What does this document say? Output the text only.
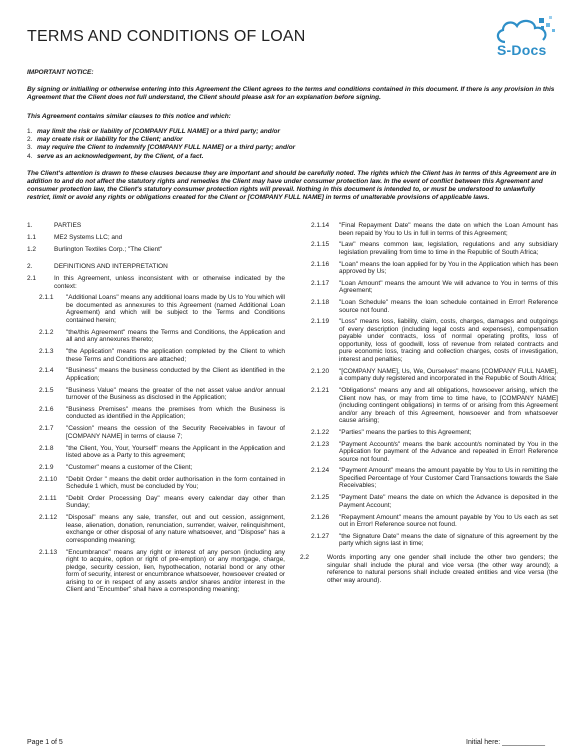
TERMS AND CONDITIONS OF LOAN
S-Docs
IMPORTANT NOTICE:
By signing or initialling or otherwise entering into this Agreement the Client agrees to the terms and conditions contained in this document. If there is any provision in this Agreement that the Client does not full understand, the Client should please ask for an explanation before signing.
This Agreement contains similar clauses to this notice and which:
1. may limit the risk or liability of [COMPANY FULL NAME] or a third party; and/or
2. may create risk or liability for the Client; and/or
3. may require the Client to indemnify [COMPANY FULL NAME] or a third party; and/or
4. serve as an acknowledgement, by the Client, of a fact.
The Client's attention is drawn to these clauses because they are important and should be carefully noted. The rights which the Client has in terms of this Agreement are in addition to and do not affect the statutory rights and remedies the Client may have under consumer protection law. In the event of conflict between this Agreement and consumer protection law, the Client's statutory consumer protection rights will prevail. Nothing in this document is intended to, or must be understood to unlawfully restrict, limit or avoid any rights or obligations created for the Client or [COMPANY FULL NAME] in terms of unalterable provisions of applicable laws.
1.	PARTIES
1.1	ME2 Systems LLC; and
1.2	Burlington Textiles Corp.; "The Client"
2.	DEFINITIONS AND INTERPRETATION
2.1	In this Agreement, unless inconsistent with or otherwise indicated by the context:
2.1.1	"Additional Loans" means any additional loans made by Us to You which will be documented as annexures to this Agreement (named Additional Loan Agreement) and which will be subject to the Terms and Conditions contained herein;
2.1.2	"the/this Agreement" means the Terms and Conditions, the Application and all and any annexures thereto;
2.1.3	"the Application" means the application completed by the Client to which these Terms and Conditions are attached;
2.1.4	"Business" means the business conducted by the Client as identified in the Application;
2.1.5	"Business Value" means the greater of the net asset value and/or annual turnover of the Business as disclosed in the Application;
2.1.6	"Business Premises" means the premises from which the Business is conducted as identified in the Application;
2.1.7	"Cession" means the cession of the Security Receivables in favour of [COMPANY NAME] in terms of clause 7;
2.1.8	"the Client, You, Your, Yourself" means the Applicant in the Application and listed above as a Party to this agreement;
2.1.9	"Customer" means a customer of the Client;
2.1.10	"Debit Order " means the debit order authorisation in the form contained in Schedule 1 which, must be concluded by You;
2.1.11	"Debit Order Processing Day" means every calendar day other than Sunday;
2.1.12	"Disposal" means any sale, transfer, out and out cession, assignment, lease, alienation, donation, renunciation, surrender, waiver, relinquishment, exchange or other disposal of any nature whatsoever, and "Dispose" has a corresponding meaning;
2.1.13	"Encumbrance" means any right or interest of any person (including any right to acquire, option or right of pre-emption) or any mortgage, charge, pledge, security cession, lien, hypothecation, notarial bond or any other form of security, interest or encumbrance whatsoever, howsoever created or arising to or in respect of any assets and/or shares and/or interest in the Client and "Encumber" shall have a corresponding meaning;
2.1.14	"Final Repayment Date" means the date on which the Loan Amount has been repaid by You to Us in full in terms of this Agreement;
2.1.15	"Law" means common law, legislation, regulations and any subsidiary legislation prevailing from time to time in the Republic of South Africa;
2.1.16	"Loan" means the loan applied for by You in the Application which has been approved by Us;
2.1.17	"Loan Amount" means the amount We will advance to You in terms of this Agreement;
2.1.18	"Loan Schedule" means the loan schedule contained in Error! Reference source not found.
2.1.19	"Loss" means loss, liability, claim, costs, charges, damages and outgoings of every description (including legal costs and expenses), compensation payable under contracts, loss of normal operating profits, loss of opportunity, loss of goodwill, loss of revenue from related contracts and pure economic loss, tracing and collection charges, costs of investigation, interest and penalties;
2.1.20	"[COMPANY NAME], Us, We, Ourselves" means [COMPANY FULL NAME], a company duly registered and incorporated in the Republic of South Africa;
2.1.21	"Obligations" means any and all obligations, howsoever arising, which the Client now has, or may from time to time have, to [COMPANY NAME] (including contingent obligations) in terms of or arising from this Agreement and/or any breach of this Agreement, howsoever and from whatsoever cause arising;
2.1.22	"Parties" means the parties to this Agreement;
2.1.23	"Payment Account/s" means the bank account/s nominated by You in the Application for payment of the Advance and repeated in Error! Reference source not found.
2.1.24	"Payment Amount" means the amount payable by You to Us in remitting the Specified Percentage of Your Customer Card Transactions towards the Sale Receivables;
2.1.25	"Payment Date" means the date on which the Advance is deposited in the Payment Account;
2.1.26	"Repayment Amount" means the amount payable by You to Us each as set out in Error! Reference source not found.
2.1.27	"the Signature Date" means the date of signature of this agreement by the party which signs last in time;
2.2	Words importing any one gender shall include the other two genders; the singular shall include the plural and vice versa (the other way around); a reference to natural persons shall include created entities and vice versa (the other way around).
Page 1 of 5	Initial here: ___________
